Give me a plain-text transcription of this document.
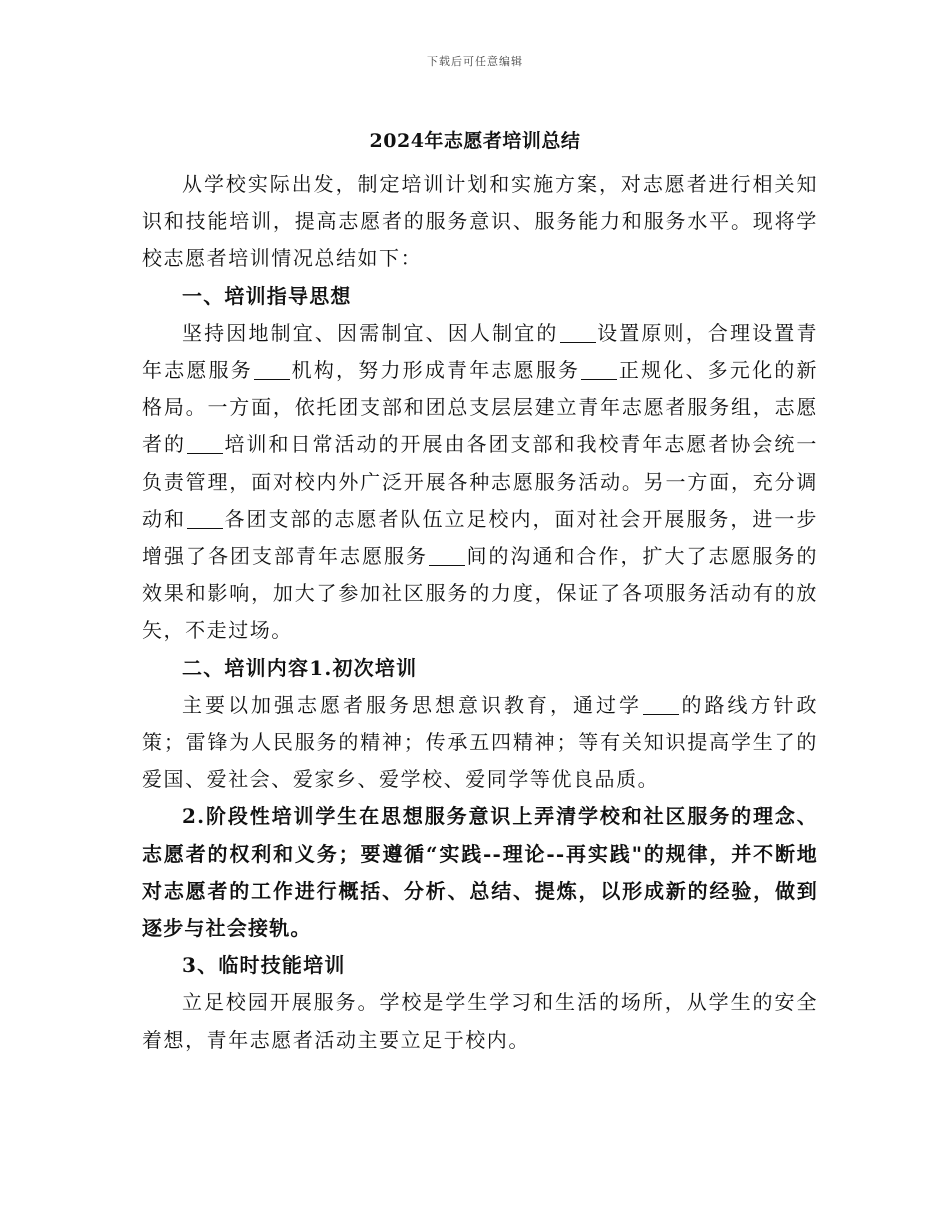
下载后可任意编辑
2024年志愿者培训总结

从学校实际出发，制定培训计划和实施方案，对志愿者进行相关知识和技能培训，提高志愿者的服务意识、服务能力和服务水平。现将学校志愿者培训情况总结如下：

一、培训指导思想

坚持因地制宜、因需制宜、因人制宜的 设置原则，合理设置青年志愿服务 机构，努力形成青年志愿服务 正规化、多元化的新格局。一方面，依托团支部和团总支层层建立青年志愿者服务组，志愿者的 培训和日常活动的开展由各团支部和我校青年志愿者协会统一负责管理，面对校内外广泛开展各种志愿服务活动。另一方面，充分调动和 各团支部的志愿者队伍立足校内，面对社会开展服务，进一步增强了各团支部青年志愿服务 间的沟通和合作，扩大了志愿服务的效果和影响，加大了参加社区服务的力度，保证了各项服务活动有的放矢，不走过场。

二、培训内容1.初次培训

主要以加强志愿者服务思想意识教育，通过学 的路线方针政策；雷锋为人民服务的精神；传承五四精神；等有关知识提高学生了的爱国、爱社会、爱家乡、爱学校、爱同学等优良品质。

2.阶段性培训学生在思想服务意识上弄清学校和社区服务的理念、志愿者的权利和义务；要遵循“实践--理论--再实践"的规律，并不断地对志愿者的工作进行概括、分析、总结、提炼，以形成新的经验，做到逐步与社会接轨。

3、临时技能培训

立足校园开展服务。学校是学生学习和生活的场所，从学生的安全着想，青年志愿者活动主要立足于校内。
